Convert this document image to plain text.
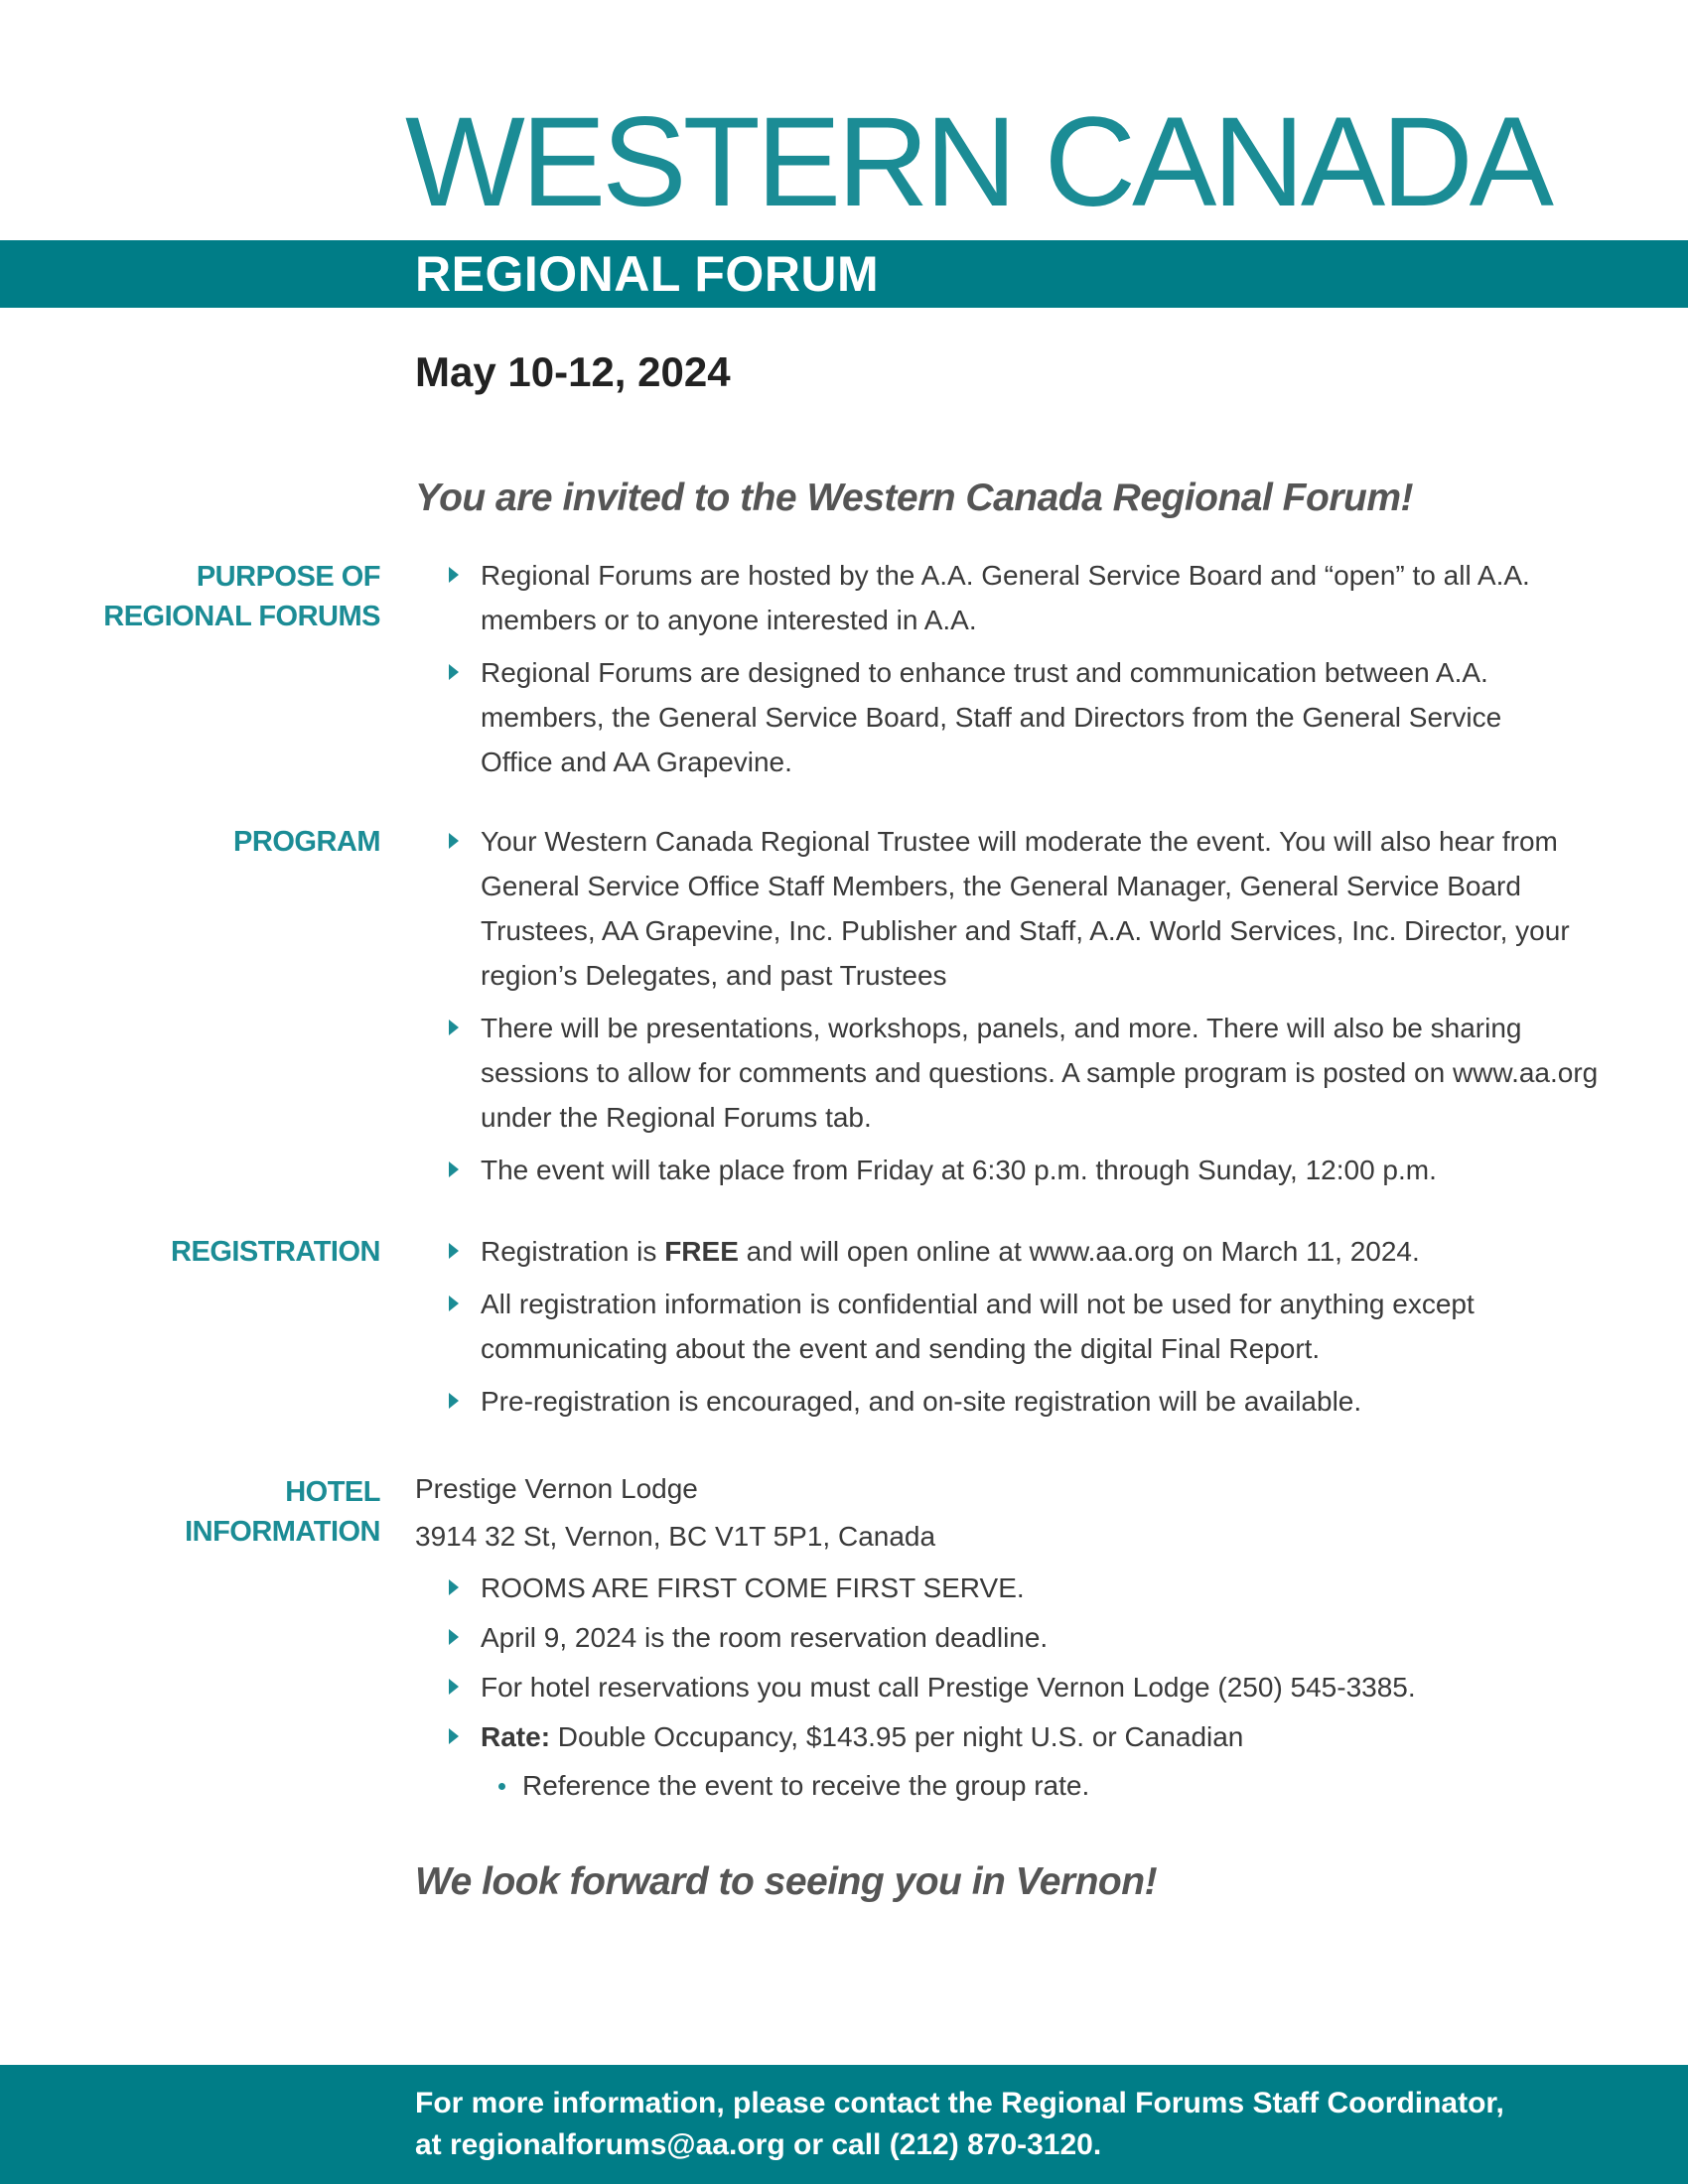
WESTERN CANADA
REGIONAL FORUM
May 10-12, 2024

You are invited to the Western Canada Regional Forum!

PURPOSE OF
REGIONAL FORUMS
Regional Forums are hosted by the A.A. General Service Board and “open” to all A.A. members or to anyone interested in A.A.
Regional Forums are designed to enhance trust and communication between A.A. members, the General Service Board, Staff and Directors from the General Service Office and AA Grapevine.
PROGRAM	Your Western Canada Regional Trustee will moderate the event. You will also hear from General Service Office Staff Members, the General Manager, General Service Board Trustees, AA Grapevine, Inc. Publisher and Staff, A.A. World Services, Inc. Director, your region’s Delegates, and past Trustees
There will be presentations, workshops, panels, and more. There will also be sharing sessions to allow for comments and questions. A sample program is posted on www.aa.org under the Regional Forums tab.
The event will take place from Friday at 6:30 p.m. through Sunday, 12:00 p.m.
REGISTRATION	Registration is FREE and will open online at www.aa.org on March 11, 2024.
All registration information is confidential and will not be used for anything except communicating about the event and sending the digital Final Report.
Pre-registration is encouraged, and on-site registration will be available.
HOTEL
INFORMATION

Prestige Vernon Lodge

3914 32 St, Vernon, BC V1T 5P1, Canada

ROOMS ARE FIRST COME FIRST SERVE.
April 9, 2024 is the room reservation deadline.
For hotel reservations you must call Prestige Vernon Lodge (250) 545-3385.
Rate: Double Occupancy, $143.95 per night U.S. or Canadian
Reference the event to receive the group rate.

We look forward to seeing you in Vernon!

For more information, please contact the Regional Forums Staff Coordinator,

at regionalforums@aa.org or call (212) 870-3120.
